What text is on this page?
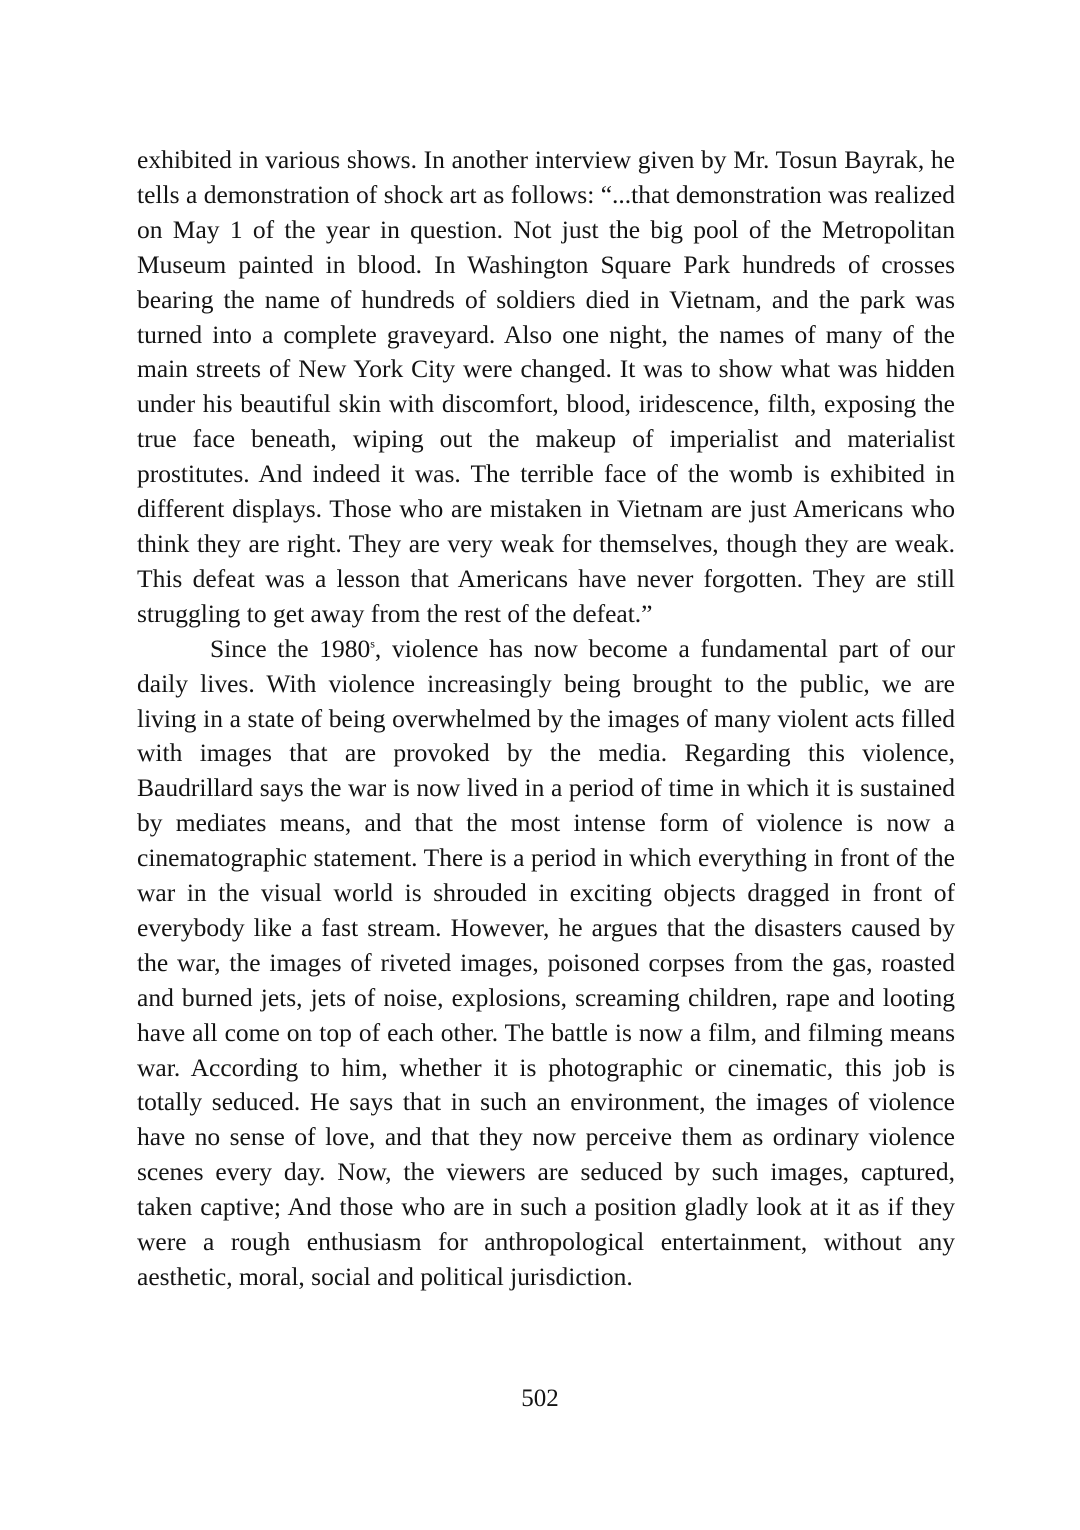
exhibited in various shows. In another interview given by Mr. Tosun Bayrak, he tells a demonstration of shock art as follows: “...that demonstration was realized on May 1 of the year in question. Not just the big pool of the Metropolitan Museum painted in blood. In Washington Square Park hundreds of crosses bearing the name of hundreds of soldiers died in Vietnam, and the park was turned into a complete graveyard. Also one night, the names of many of the main streets of New York City were changed. It was to show what was hidden under his beautiful skin with discomfort, blood, iridescence, filth, exposing the true face beneath, wiping out the makeup of imperialist and materialist prostitutes. And indeed it was. The terrible face of the womb is exhibited in different displays. Those who are mistaken in Vietnam are just Americans who think they are right. They are very weak for themselves, though they are weak. This defeat was a lesson that Americans have never forgotten. They are still struggling to get away from the rest of the defeat.”

Since the 1980$^s$, violence has now become a fundamental part of our daily lives. With violence increasingly being brought to the public, we are living in a state of being overwhelmed by the images of many violent acts filled with images that are provoked by the media. Regarding this violence, Baudrillard says the war is now lived in a period of time in which it is sustained by mediates means, and that the most intense form of violence is now a cinematographic statement. There is a period in which everything in front of the war in the visual world is shrouded in exciting objects dragged in front of everybody like a fast stream. However, he argues that the disasters caused by the war, the images of riveted images, poisoned corpses from the gas, roasted and burned jets, jets of noise, explosions, screaming children, rape and looting have all come on top of each other. The battle is now a film, and filming means war. According to him, whether it is photographic or cinematic, this job is totally seduced. He says that in such an environment, the images of violence have no sense of love, and that they now perceive them as ordinary violence scenes every day. Now, the viewers are seduced by such images, captured, taken captive; And those who are in such a position gladly look at it as if they were a rough enthusiasm for anthropological entertainment, without any aesthetic, moral, social and political jurisdiction.

502
